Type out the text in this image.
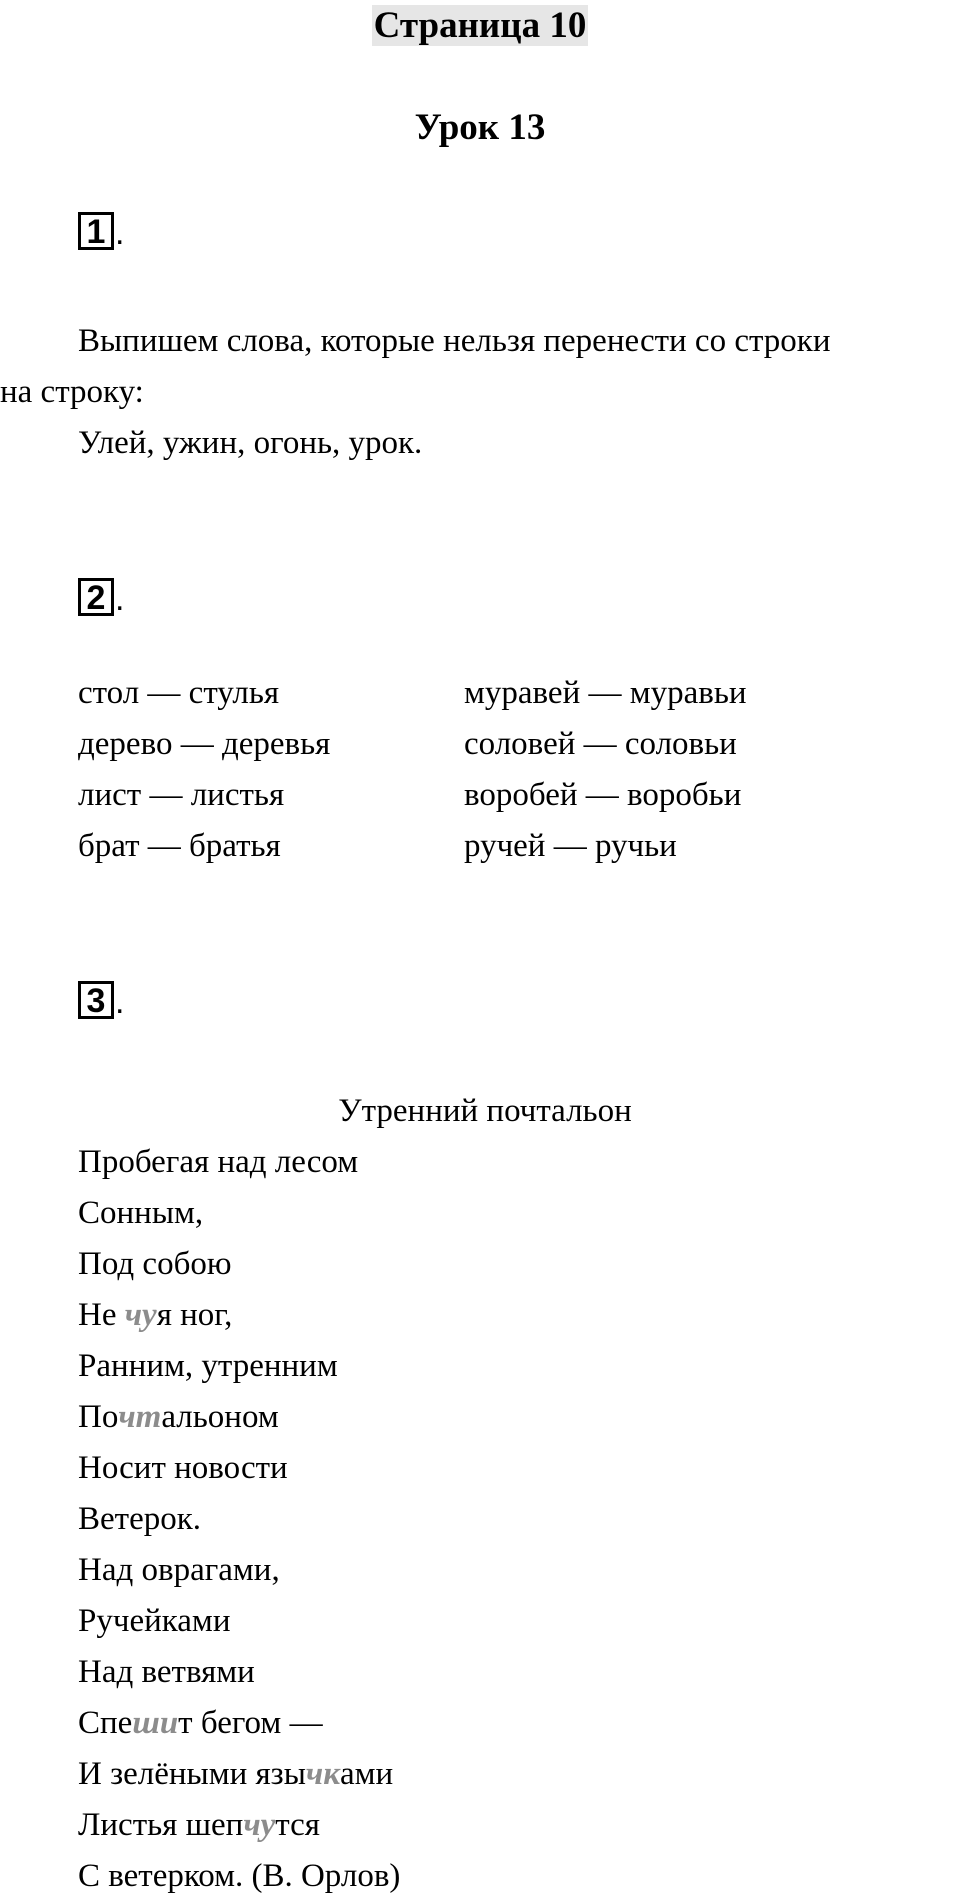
Страница 10
Урок 13
1 .
Выпишем слова, которые нельзя перенести со строки
на строку:
Улей, ужин, огонь, урок.
2 .
стол — стулья
дерево — деревья
лист — листья
брат — братья
муравей — муравьи
соловей — соловьи
воробей — воробьи
ручей — ручьи
3 .
Утренний почтальон
Пробегая над лесом
Сонным,
Под собою
Не чуя ног,
Ранним, утренним
Почтальоном
Носит новости
Ветерок.
Над оврагами,
Ручейками
Над ветвями
Спешит бегом —
И зелёными язычками
Листья шепчутся
С ветерком. (В. Орлов)
